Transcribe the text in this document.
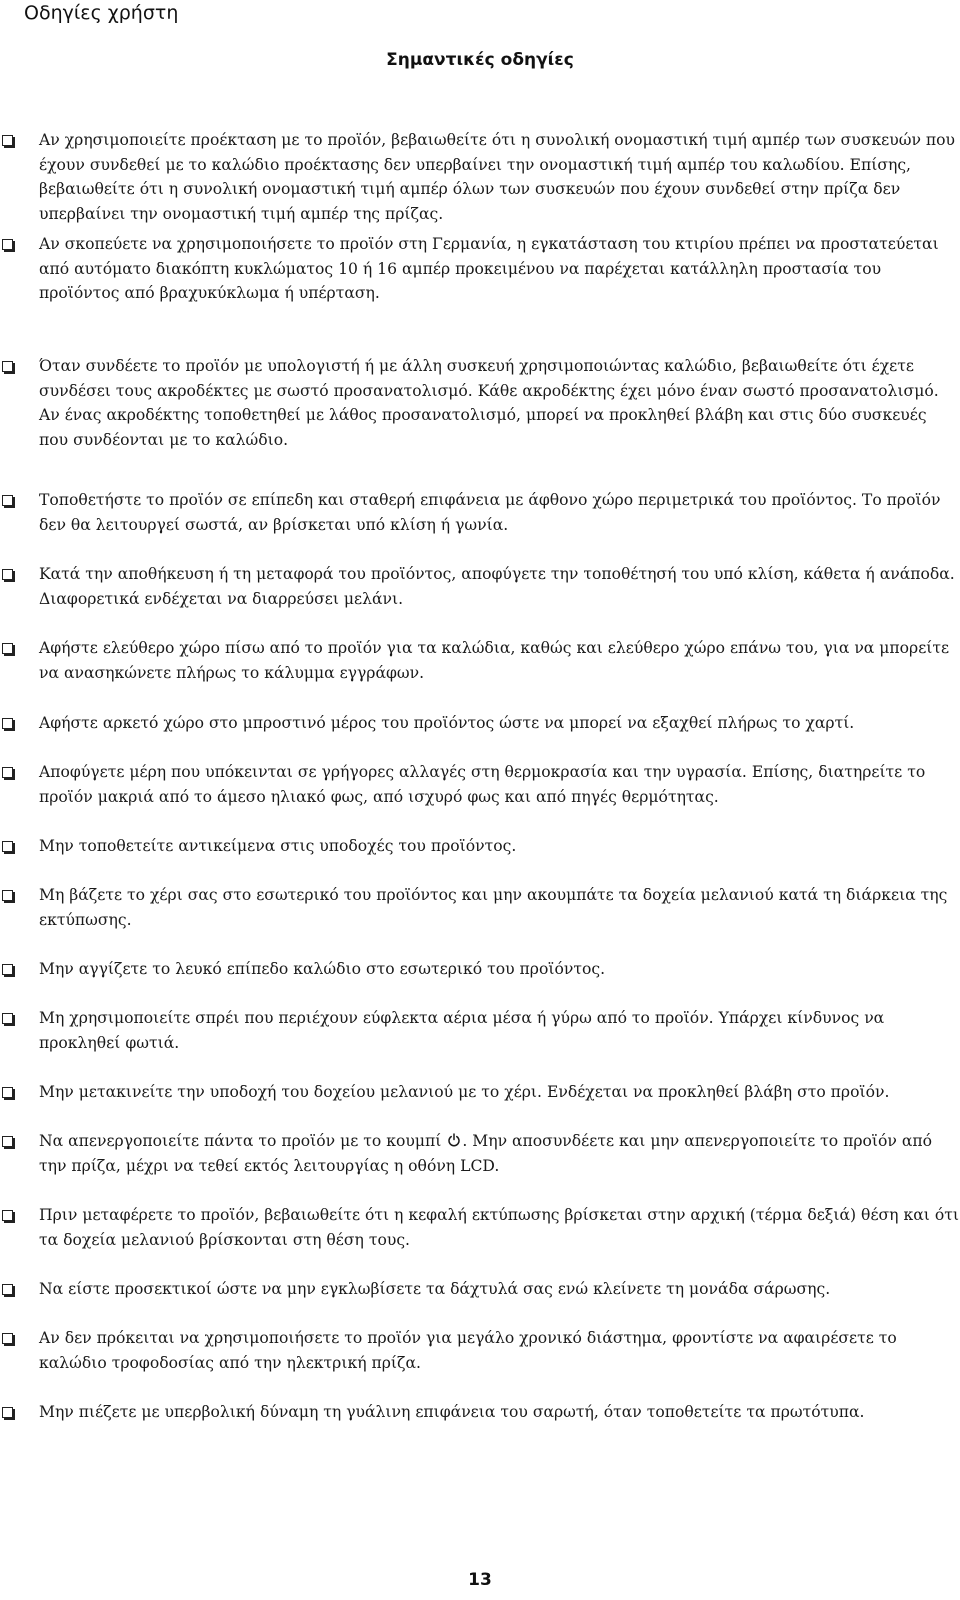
Οδηγίες χρήστη
Σημαντικές οδηγίες
Αν χρησιμοποιείτε προέκταση με το προϊόν, βεβαιωθείτε ότι η συνολική ονομαστική τιμή αμπέρ των συσκευών που έχουν συνδεθεί με το καλώδιο προέκτασης δεν υπερβαίνει την ονομαστική τιμή αμπέρ του καλωδίου. Επίσης, βεβαιωθείτε ότι η συνολική ονομαστική τιμή αμπέρ όλων των συσκευών που έχουν συνδεθεί στην πρίζα δεν υπερβαίνει την ονομαστική τιμή αμπέρ της πρίζας.
Αν σκοπεύετε να χρησιμοποιήσετε το προϊόν στη Γερμανία, η εγκατάσταση του κτιρίου πρέπει να προστατεύεται από αυτόματο διακόπτη κυκλώματος 10 ή 16 αμπέρ προκειμένου να παρέχεται κατάλληλη προστασία του προϊόντος από βραχυκύκλωμα ή υπέρταση.
Όταν συνδέετε το προϊόν με υπολογιστή ή με άλλη συσκευή χρησιμοποιώντας καλώδιο, βεβαιωθείτε ότι έχετε συνδέσει τους ακροδέκτες με σωστό προσανατολισμό. Κάθε ακροδέκτης έχει μόνο έναν σωστό προσανατολισμό. Αν ένας ακροδέκτης τοποθετηθεί με λάθος προσανατολισμό, μπορεί να προκληθεί βλάβη και στις δύο συσκευές που συνδέονται με το καλώδιο.
Τοποθετήστε το προϊόν σε επίπεδη και σταθερή επιφάνεια με άφθονο χώρο περιμετρικά του προϊόντος. Το προϊόν δεν θα λειτουργεί σωστά, αν βρίσκεται υπό κλίση ή γωνία.
Κατά την αποθήκευση ή τη μεταφορά του προϊόντος, αποφύγετε την τοποθέτησή του υπό κλίση, κάθετα ή ανάποδα. Διαφορετικά ενδέχεται να διαρρεύσει μελάνι.
Αφήστε ελεύθερο χώρο πίσω από το προϊόν για τα καλώδια, καθώς και ελεύθερο χώρο επάνω του, για να μπορείτε να ανασηκώνετε πλήρως το κάλυμμα εγγράφων.
Αφήστε αρκετό χώρο στο μπροστινό μέρος του προϊόντος ώστε να μπορεί να εξαχθεί πλήρως το χαρτί.
Αποφύγετε μέρη που υπόκεινται σε γρήγορες αλλαγές στη θερμοκρασία και την υγρασία. Επίσης, διατηρείτε το προϊόν μακριά από το άμεσο ηλιακό φως, από ισχυρό φως και από πηγές θερμότητας.
Μην τοποθετείτε αντικείμενα στις υποδοχές του προϊόντος.
Μη βάζετε το χέρι σας στο εσωτερικό του προϊόντος και μην ακουμπάτε τα δοχεία μελανιού κατά τη διάρκεια της εκτύπωσης.
Μην αγγίζετε το λευκό επίπεδο καλώδιο στο εσωτερικό του προϊόντος.
Μη χρησιμοποιείτε σπρέι που περιέχουν εύφλεκτα αέρια μέσα ή γύρω από το προϊόν. Υπάρχει κίνδυνος να προκληθεί φωτιά.
Μην μετακινείτε την υποδοχή του δοχείου μελανιού με το χέρι. Ενδέχεται να προκληθεί βλάβη στο προϊόν.
Να απενεργοποιείτε πάντα το προϊόν με το κουμπί . Μην αποσυνδέετε και μην απενεργοποιείτε το προϊόν από την πρίζα, μέχρι να τεθεί εκτός λειτουργίας η οθόνη LCD.
Πριν μεταφέρετε το προϊόν, βεβαιωθείτε ότι η κεφαλή εκτύπωσης βρίσκεται στην αρχική (τέρμα δεξιά) θέση και ότι τα δοχεία μελανιού βρίσκονται στη θέση τους.
Να είστε προσεκτικοί ώστε να μην εγκλωβίσετε τα δάχτυλά σας ενώ κλείνετε τη μονάδα σάρωσης.
Αν δεν πρόκειται να χρησιμοποιήσετε το προϊόν για μεγάλο χρονικό διάστημα, φροντίστε να αφαιρέσετε το καλώδιο τροφοδοσίας από την ηλεκτρική πρίζα.
Μην πιέζετε με υπερβολική δύναμη τη γυάλινη επιφάνεια του σαρωτή, όταν τοποθετείτε τα πρωτότυπα.
13
